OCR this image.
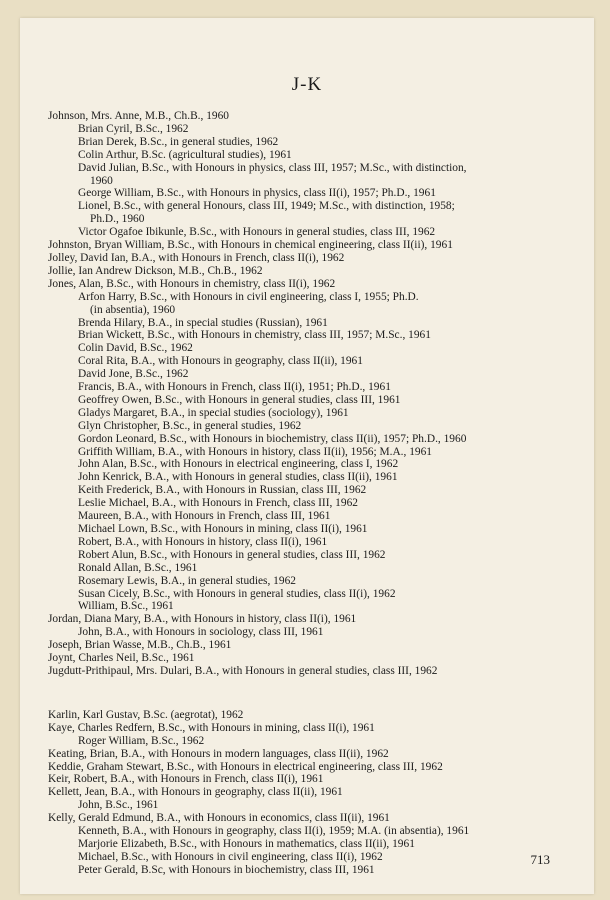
J-K
Johnson, Mrs. Anne, M.B., Ch.B., 1960
Brian Cyril, B.Sc., 1962
Brian Derek, B.Sc., in general studies, 1962
Colin Arthur, B.Sc. (agricultural studies), 1961
David Julian, B.Sc., with Honours in physics, class III, 1957; M.Sc., with distinction,
1960
George William, B.Sc., with Honours in physics, class II(i), 1957; Ph.D., 1961
Lionel, B.Sc., with general Honours, class III, 1949; M.Sc., with distinction, 1958;
Ph.D., 1960
Victor Ogafoe Ibikunle, B.Sc., with Honours in general studies, class III, 1962
Johnston, Bryan William, B.Sc., with Honours in chemical engineering, class II(ii), 1961
Jolley, David Ian, B.A., with Honours in French, class II(i), 1962
Jollie, Ian Andrew Dickson, M.B., Ch.B., 1962
Jones, Alan, B.Sc., with Honours in chemistry, class II(i), 1962
Arfon Harry, B.Sc., with Honours in civil engineering, class I, 1955; Ph.D.
(in absentia), 1960
Brenda Hilary, B.A., in special studies (Russian), 1961
Brian Wickett, B.Sc., with Honours in chemistry, class III, 1957; M.Sc., 1961
Colin David, B.Sc., 1962
Coral Rita, B.A., with Honours in geography, class II(ii), 1961
David Jone, B.Sc., 1962
Francis, B.A., with Honours in French, class II(i), 1951; Ph.D., 1961
Geoffrey Owen, B.Sc., with Honours in general studies, class III, 1961
Gladys Margaret, B.A., in special studies (sociology), 1961
Glyn Christopher, B.Sc., in general studies, 1962
Gordon Leonard, B.Sc., with Honours in biochemistry, class II(ii), 1957; Ph.D., 1960
Griffith William, B.A., with Honours in history, class II(ii), 1956; M.A., 1961
John Alan, B.Sc., with Honours in electrical engineering, class I, 1962
John Kenrick, B.A., with Honours in general studies, class II(ii), 1961
Keith Frederick, B.A., with Honours in Russian, class III, 1962
Leslie Michael, B.A., with Honours in French, class III, 1962
Maureen, B.A., with Honours in French, class III, 1961
Michael Lown, B.Sc., with Honours in mining, class II(i), 1961
Robert, B.A., with Honours in history, class II(i), 1961
Robert Alun, B.Sc., with Honours in general studies, class III, 1962
Ronald Allan, B.Sc., 1961
Rosemary Lewis, B.A., in general studies, 1962
Susan Cicely, B.Sc., with Honours in general studies, class II(i), 1962
William, B.Sc., 1961
Jordan, Diana Mary, B.A., with Honours in history, class II(i), 1961
John, B.A., with Honours in sociology, class III, 1961
Joseph, Brian Wasse, M.B., Ch.B., 1961
Joynt, Charles Neil, B.Sc., 1961
Jugdutt-Prithipaul, Mrs. Dulari, B.A., with Honours in general studies, class III, 1962
Karlin, Karl Gustav, B.Sc. (aegrotat), 1962
Kaye, Charles Redfern, B.Sc., with Honours in mining, class II(i), 1961
Roger William, B.Sc., 1962
Keating, Brian, B.A., with Honours in modern languages, class II(ii), 1962
Keddie, Graham Stewart, B.Sc., with Honours in electrical engineering, class III, 1962
Keir, Robert, B.A., with Honours in French, class II(i), 1961
Kellett, Jean, B.A., with Honours in geography, class II(ii), 1961
John, B.Sc., 1961
Kelly, Gerald Edmund, B.A., with Honours in economics, class II(ii), 1961
Kenneth, B.A., with Honours in geography, class II(i), 1959; M.A. (in absentia), 1961
Marjorie Elizabeth, B.Sc., with Honours in mathematics, class II(ii), 1961
Michael, B.Sc., with Honours in civil engineering, class II(i), 1962
Peter Gerald, B.Sc, with Honours in biochemistry, class III, 1961
713
